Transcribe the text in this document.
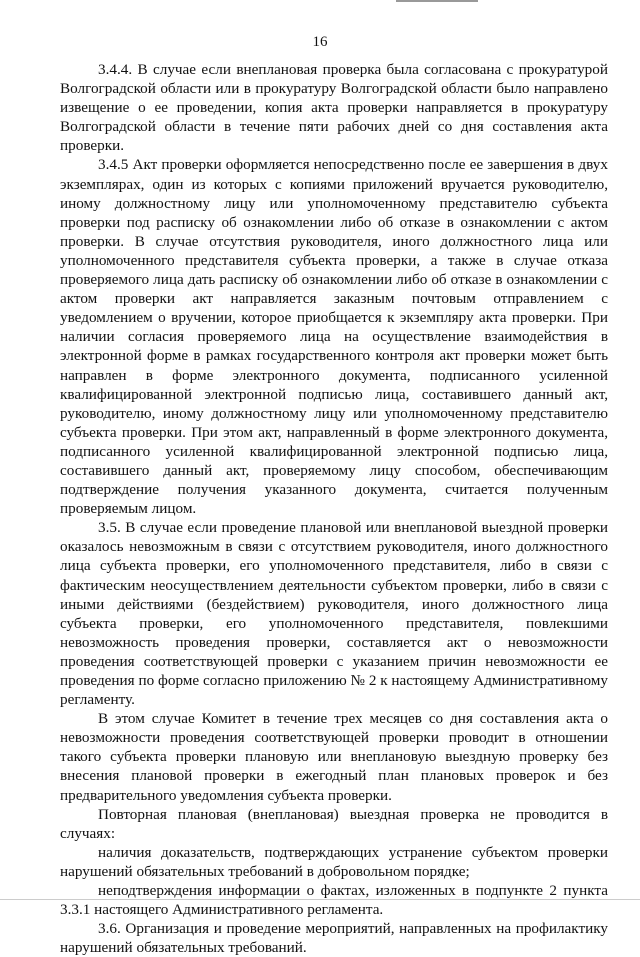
16

3.4.4. В случае если внеплановая проверка была согласована с прокуратурой Волгоградской области или в прокуратуру Волгоградской области было направлено извещение о ее проведении, копия акта проверки направляется в прокуратуру Волгоградской области в течение пяти рабочих дней со дня составления акта проверки.

3.4.5 Акт проверки оформляется непосредственно после ее завершения в двух экземплярах, один из которых с копиями приложений вручается руководителю, иному должностному лицу или уполномоченному представителю субъекта проверки под расписку об ознакомлении либо об отказе в ознакомлении с актом проверки. В случае отсутствия руководителя, иного должностного лица или уполномоченного представителя субъекта проверки, а также в случае отказа проверяемого лица дать расписку об ознакомлении либо об отказе в ознакомлении с актом проверки акт направляется заказным почтовым отправлением с уведомлением о вручении, которое приобщается к экземпляру акта проверки. При наличии согласия проверяемого лица на осуществление взаимодействия в электронной форме в рамках государственного контроля акт проверки может быть направлен в форме электронного документа, подписанного усиленной квалифицированной электронной подписью лица, составившего данный акт, руководителю, иному должностному лицу или уполномоченному представителю субъекта проверки. При этом акт, направленный в форме электронного документа, подписанного усиленной квалифицированной электронной подписью лица, составившего данный акт, проверяемому лицу способом, обеспечивающим подтверждение получения указанного документа, считается полученным проверяемым лицом.

3.5. В случае если проведение плановой или внеплановой выездной проверки оказалось невозможным в связи с отсутствием руководителя, иного должностного лица субъекта проверки, его уполномоченного представителя, либо в связи с фактическим неосуществлением деятельности субъектом проверки, либо в связи с иными действиями (бездействием) руководителя, иного должностного лица субъекта проверки, его уполномоченного представителя, повлекшими невозможность проведения проверки, составляется акт о невозможности проведения соответствующей проверки с указанием причин невозможности ее проведения по форме согласно приложению № 2 к настоящему Административному регламенту.

В этом случае Комитет в течение трех месяцев со дня составления акта о невозможности проведения соответствующей проверки проводит в отношении такого субъекта проверки плановую или внеплановую выездную проверку без внесения плановой проверки в ежегодный план плановых проверок и без предварительного уведомления субъекта проверки.

Повторная плановая (внеплановая) выездная проверка не проводится в случаях:

наличия доказательств, подтверждающих устранение субъектом проверки нарушений обязательных требований в добровольном порядке;

неподтверждения информации о фактах, изложенных в подпункте 2 пункта 3.3.1 настоящего Административного регламента.

3.6. Организация и проведение мероприятий, направленных на профилактику нарушений обязательных требований.
